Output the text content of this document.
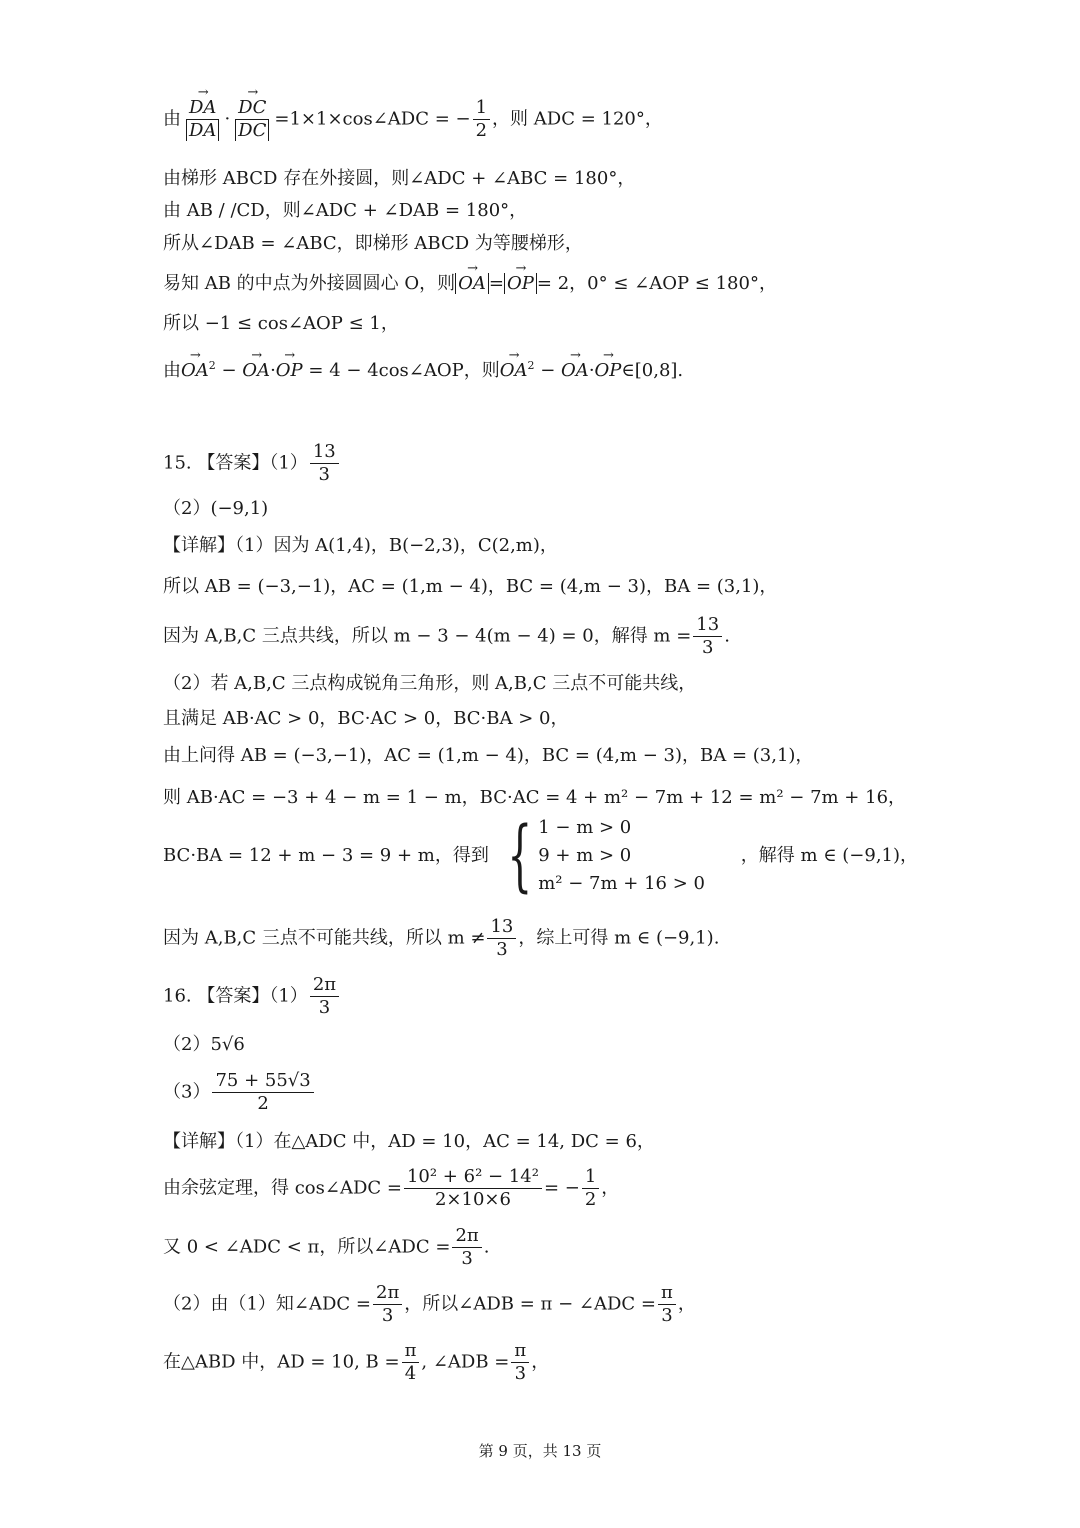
由 → $\frac{DA}{DA}$ · → $\frac{DC}{DC}$ =1×1×cos∠ADC = − $\frac{1}{2}$ ，则 ADC = 120°，
由梯形 ABCD 存在外接圆，则∠ADC + ∠ABC = 180°，
由 AB / /CD，则∠ADC + ∠DAB = 180°，
所从∠DAB = ∠ABC，即梯形 ABCD 为等腰梯形，
易知 AB 的中点为外接圆圆心 O，则 → OA = → OP = 2，0° ≤ ∠AOP ≤ 180°，
所以 −1 ≤ cos∠AOP ≤ 1，
由→ $OA^2$ − → OA·→ OP = 4 − 4cos∠AOP，则→ $OA^2$ − → OA·→ OP∈[0,8].
15. 【答案】$(1) \frac{13}{3}$
（2）(−9,1)
【详解】（1）因为 A(1,4)，B(−2,3)，C(2,m)，
所以 AB = (−3,−1)，AC = (1,m − 4)，BC = (4,m − 3)，BA = (3,1)，
因为 A,B,C 三点共线，所以 m − 3 − 4(m − 4) = 0，解得 $m = \frac{13}{3}$ .
（2）若 A,B,C 三点构成锐角三角形，则 A,B,C 三点不可能共线，
且满足 AB·AC > 0，BC·AC > 0，BC·BA > 0，
由上问得 AB = (−3,−1)，AC = (1,m − 4)，BC = (4,m − 3)，BA = (3,1)，
则 AB·AC = −3 + 4 − m = 1 − m，BC·AC = 4 + m² − 7m + 12 = m² − 7m + 16，
BC·BA = 12 + m − 3 = 9 + m，得到 { 1 − m > 0
9 + m > 0
m² − 7m + 16 > 0
，解得 m ∈ (−9,1)，
因为 A,B,C 三点不可能共线，所以 $m \ne \frac{13}{3}$ ，综上可得 m ∈ (−9,1).
16. 【答案】$(1) \frac{2\pi}{3}$
（2）5√6
$(3) \frac{75 + 55√3}{2}$
【详解】（1）在△ADC 中，AD = 10，AC = 14, DC = 6，
由余弦定理，得 cos∠ADC = $\frac{\text{10² + 6² − 14²}}{2\times 10\times 6}$ = − $\frac{1}{2}$ ，
又 0 < ∠ADC < π，所以∠ADC = $\frac{2\pi}{3}$ .
（2）由（1）知∠ADC = $\frac{2\pi}{3}$ ，所以∠ADB = π − ∠ADC = $\frac{\pi}{3}$ ，
在△ABD 中，AD = 10, $B = \frac{\pi}{4}$ , ∠ADB = $\frac{\pi}{3}$ ，
第 9 页，共 13 页
